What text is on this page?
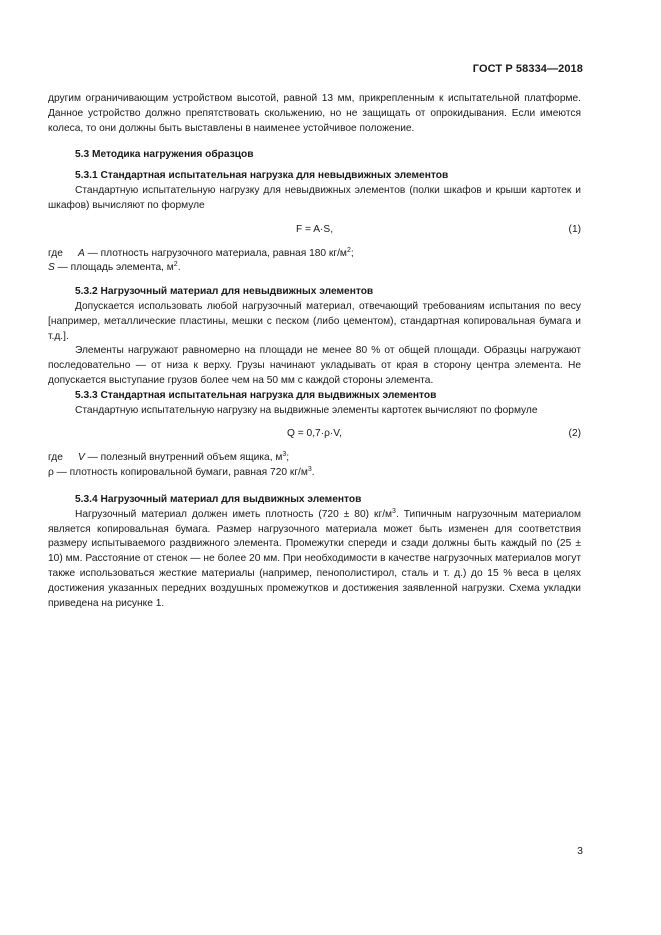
ГОСТ Р 58334—2018

другим ограничивающим устройством высотой, равной 13 мм, прикрепленным к испытательной платформе. Данное устройство должно препятствовать скольжению, но не защищать от опрокидывания. Если имеются колеса, то они должны быть выставлены в наименее устойчивое положение.

5.3 Методика нагружения образцов

5.3.1 Стандартная испытательная нагрузка для невыдвижных элементов

Стандартную испытательную нагрузку для невыдвижных элементов (полки шкафов и крыши картотек и шкафов) вычисляют по формуле

F = A·S,	(1)
где	A — плотность нагрузочного материала, равная 180 $кг/м^2$;
S — площадь элемента, $м^2$.

5.3.2 Нагрузочный материал для невыдвижных элементов

Допускается использовать любой нагрузочный материал, отвечающий требованиям испытания по весу [например, металлические пластины, мешки с песком (либо цементом), стандартная копировальная бумага и т.д.].

Элементы нагружают равномерно на площади не менее 80 % от общей площади. Образцы нагружают последовательно — от низа к верху. Грузы начинают укладывать от края в сторону центра элемента. Не допускается выступание грузов более чем на 50 мм с каждой стороны элемента.

5.3.3 Стандартная испытательная нагрузка для выдвижных элементов

Стандартную испытательную нагрузку на выдвижные элементы картотек вычисляют по формуле

Q = 0,7·ρ·V,	(2)
где	V — полезный внутренний объем ящика, $м^3$;
ρ — плотность копировальной бумаги, равная 720 $кг/м^3$.

5.3.4 Нагрузочный материал для выдвижных элементов

Нагрузочный материал должен иметь плотность (720 ± 80) $кг/м^3$. Типичным нагрузочным материалом является копировальная бумага. Размер нагрузочного материала может быть изменен для соответствия размеру испытываемого раздвижного элемента. Промежутки спереди и сзади должны быть каждый по (25 ± 10) мм. Расстояние от стенок — не более 20 мм. При необходимости в качестве нагрузочных материалов могут также использоваться жесткие материалы (например, пенополистирол, сталь и т. д.) до 15 % веса в целях достижения указанных передних воздушных промежутков и достижения заявленной нагрузки. Схема укладки приведена на рисунке 1.

3
